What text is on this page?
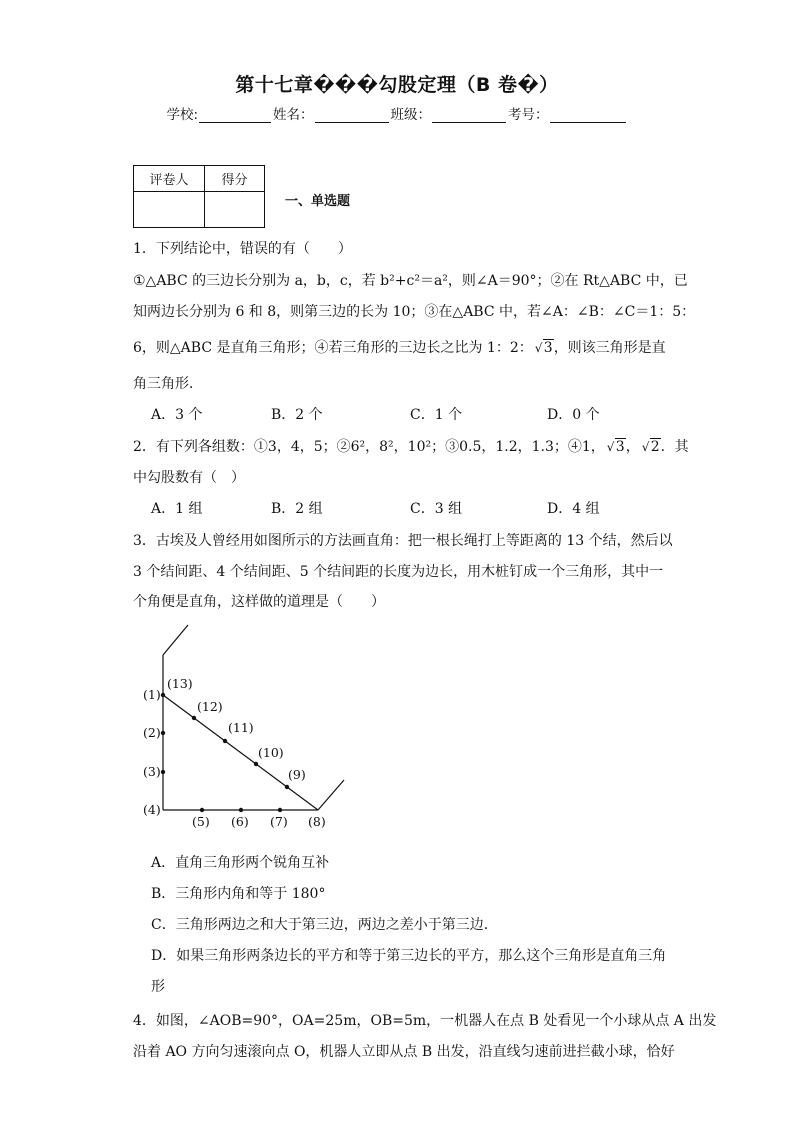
第十七章���勾股定理（B 卷�）
学校:	姓名：	班级：	考号：
评卷人	得分

一、单选题
1．下列结论中，错误的有（　　）
①△ABC 的三边长分别为 a，b，c，若 b²+c²＝a²，则∠A＝90°；②在 Rt△ABC 中，已
知两边长分别为 6 和 8，则第三边的长为 10；③在△ABC 中，若∠A：∠B：∠C＝1：5：
6，则△ABC 是直角三角形；④若三角形的三边长之比为 1：2： √ 3，则该三角形是直
角三角形．
A．3 个	B．2 个	C．1 个	D．0 个
2．有下列各组数：①3，4，5；②6²，8²，10²；③0.5，1.2，1.3；④1， √ 3， √ 2．其
中勾股数有（　）
A．1 组	B．2 组	C．3 组	D．4 组
3．古埃及人曾经用如图所示的方法画直角：把一根长绳打上等距离的 13 个结，然后以
3 个结间距、4 个结间距、5 个结间距的长度为边长，用木桩钉成一个三角形，其中一
个角便是直角，这样做的道理是（　　）
(1)
(2)
(3)
(4)
(5) (6) (7) (8)
(9)
(10)
(11)
(12)
(13)
A．直角三角形两个锐角互补
B．三角形内角和等于 180°
C．三角形两边之和大于第三边，两边之差小于第三边．
D．如果三角形两条边长的平方和等于第三边长的平方，那么这个三角形是直角三角
形
4．如图，∠AOB=90°，OA=25m，OB=5m，一机器人在点 B 处看见一个小球从点 A 出发
沿着 AO 方向匀速滚向点 O，机器人立即从点 B 出发，沿直线匀速前进拦截小球，恰好
